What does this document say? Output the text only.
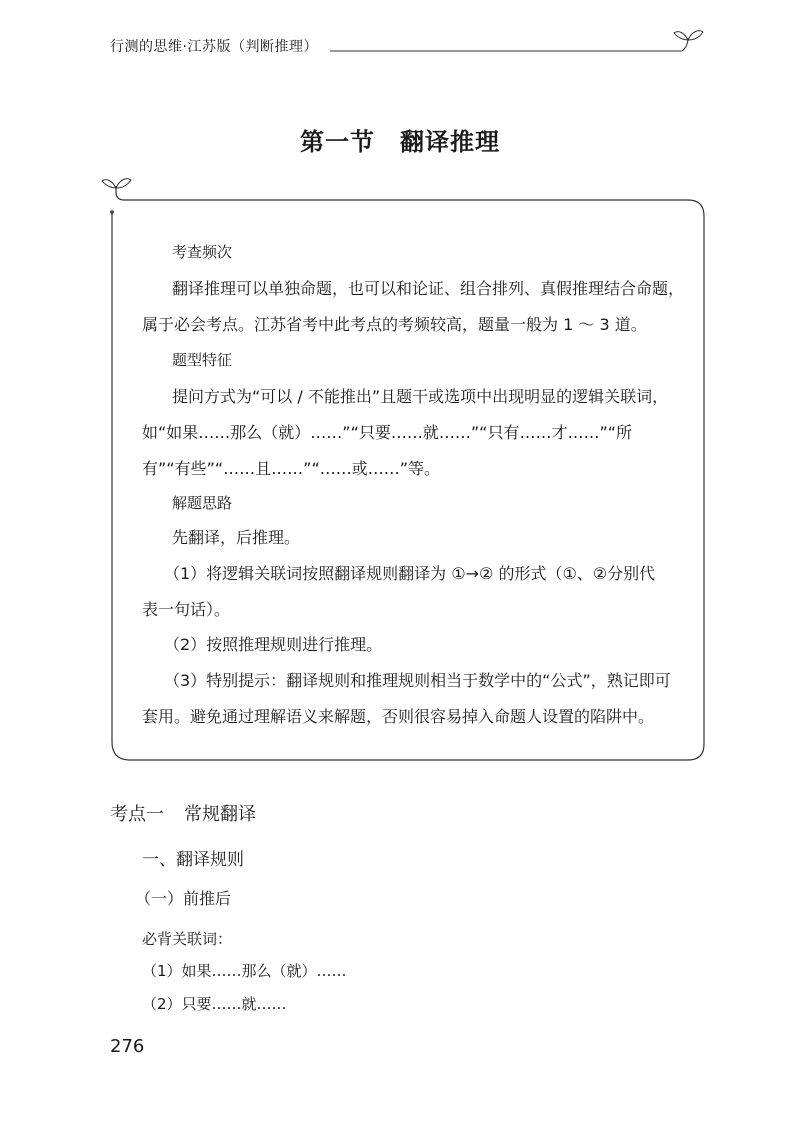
行测的思维·江苏版（判断推理）
第一节　翻译推理
考查频次
翻译推理可以单独命题，也可以和论证、组合排列、真假推理结合命题，
属于必会考点。江苏省考中此考点的考频较高，题量一般为 1 ～ 3 道。
题型特征
提问方式为“可以 / 不能推出”且题干或选项中出现明显的逻辑关联词，
如“如果……那么（就）……”“只要……就……”“只有……才……”“所
有”“有些”“……且……”“……或……”等。
解题思路
先翻译，后推理。
（1）将逻辑关联词按照翻译规则翻译为 ①→② 的形式（①、②分别代
表一句话）。
（2）按照推理规则进行推理。
（3）特别提示：翻译规则和推理规则相当于数学中的“公式”，熟记即可
套用。避免通过理解语义来解题，否则很容易掉入命题人设置的陷阱中。
考点一 常规翻译
一、翻译规则
（一）前推后
必背关联词：
（1）如果……那么（就）……
（2）只要……就……
276
